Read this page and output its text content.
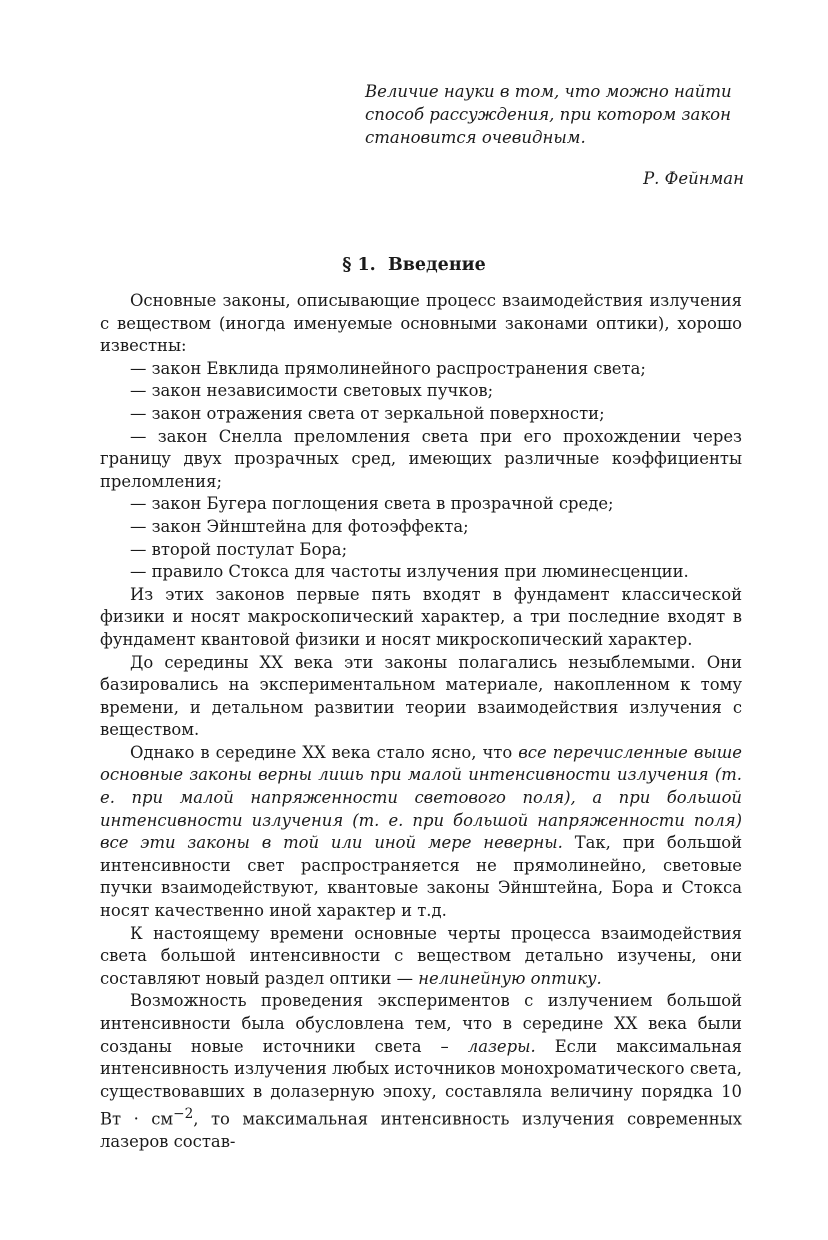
Величие науки в том, что можно найти
способ рассуждения, при котором закон
становится очевидным.
Р. Фейнман
§ 1. Введение

Основные законы, описывающие процесс взаимодействия излучения с веществом (иногда именуемые основными законами оптики), хорошо известны:

— закон Евклида прямолинейного распространения света;

— закон независимости световых пучков;

— закон отражения света от зеркальной поверхности;

— закон Снелла преломления света при его прохождении через границу двух прозрачных сред, имеющих различные коэффициенты преломления;

— закон Бугера поглощения света в прозрачной среде;

— закон Эйнштейна для фотоэффекта;

— второй постулат Бора;

— правило Стокса для частоты излучения при люминесценции.

Из этих законов первые пять входят в фундамент классической физики и носят макроскопический характер, а три последние входят в фундамент квантовой физики и носят микроскопический характер.

До середины XX века эти законы полагались незыблемыми. Они базировались на экспериментальном материале, накопленном к тому времени, и детальном развитии теории взаимодействия излучения с веществом.

Однако в середине XX века стало ясно, что все перечисленные выше основные законы верны лишь при малой интенсивности излучения (т. е. при малой напряженности светового поля), а при большой интенсивности излучения (т. е. при большой напряженности поля) все эти законы в той или иной мере неверны. Так, при большой интенсивности свет распространяется не прямолинейно, световые пучки взаимодействуют, квантовые законы Эйнштейна, Бора и Стокса носят качественно иной характер и т.д.

К настоящему времени основные черты процесса взаимодействия света большой интенсивности с веществом детально изучены, они составляют новый раздел оптики — нелинейную оптику.

Возможность проведения экспериментов с излучением большой интенсивности была обусловлена тем, что в середине XX века были созданы новые источники света – лазеры. Если максимальная интенсивность излучения любых источников монохроматического света, существовавших в долазерную эпоху, составляла величину порядка 10 Вт · $см^{-2}$, то максимальная интенсивность излучения современных лазеров состав-
